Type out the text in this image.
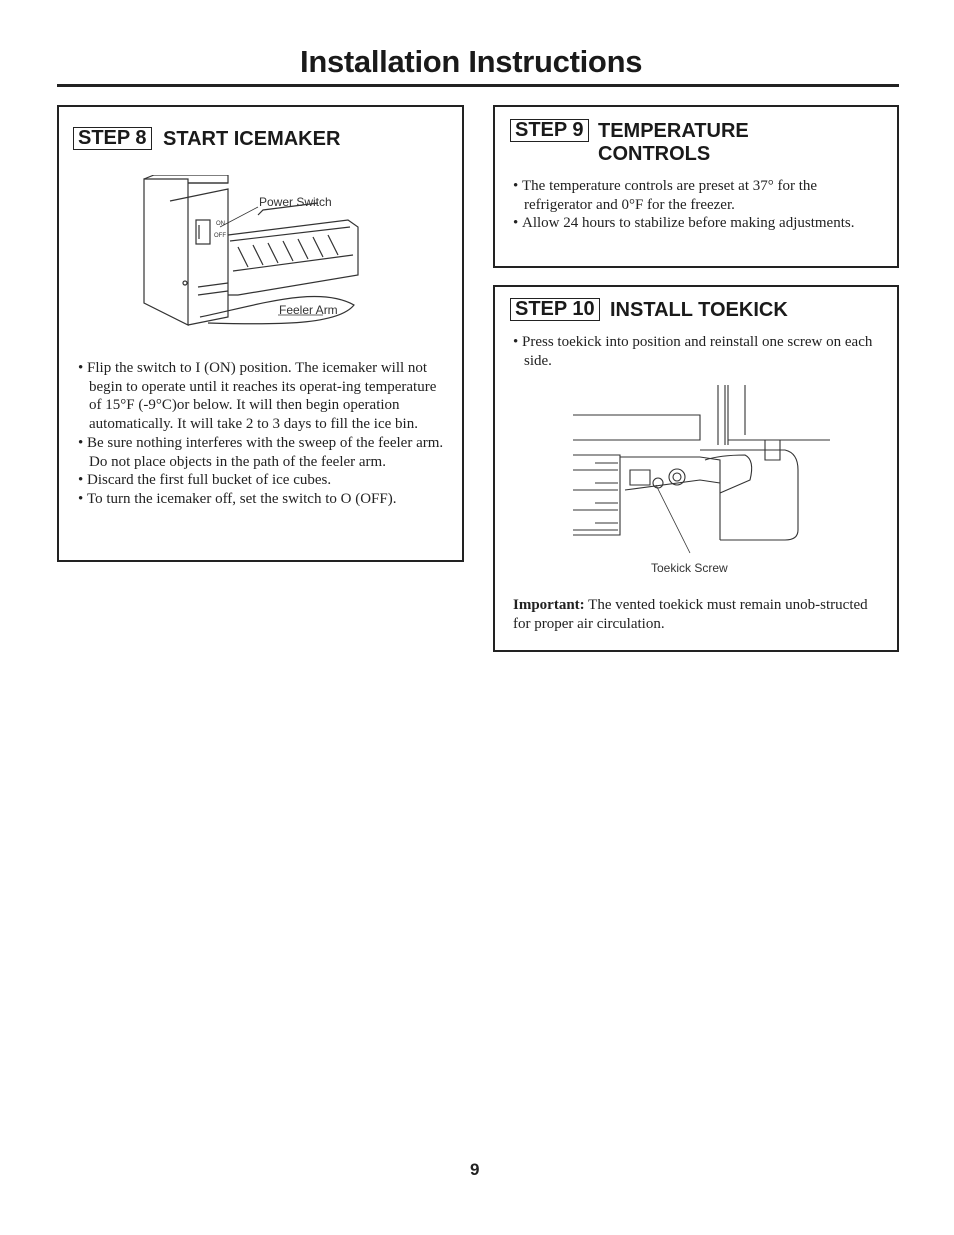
Installation Instructions
STEP 8 START ICEMAKER
ON
OFF
Power Switch
Feeler Arm
• Flip the switch to I (ON) position. The icemaker will not begin to operate until it reaches its operat-ing temperature of 15°F (-9°C)or below. It will then begin operation automatically. It will take 2 to 3 days to fill the ice bin.
• Be sure nothing interferes with the sweep of the feeler arm. Do not place objects in the path of the feeler arm.
• Discard the first full bucket of ice cubes.
• To turn the icemaker off, set the switch to O (OFF).
STEP 9 TEMPERATURE
CONTROLS
• The temperature controls are preset at 37° for the refrigerator and 0°F for the freezer.
• Allow 24 hours to stabilize before making adjustments.
STEP 10 INSTALL TOEKICK
• Press toekick into position and reinstall one screw on each side.
Toekick Screw
Important: The vented toekick must remain unob-structed for proper air circulation.
9
